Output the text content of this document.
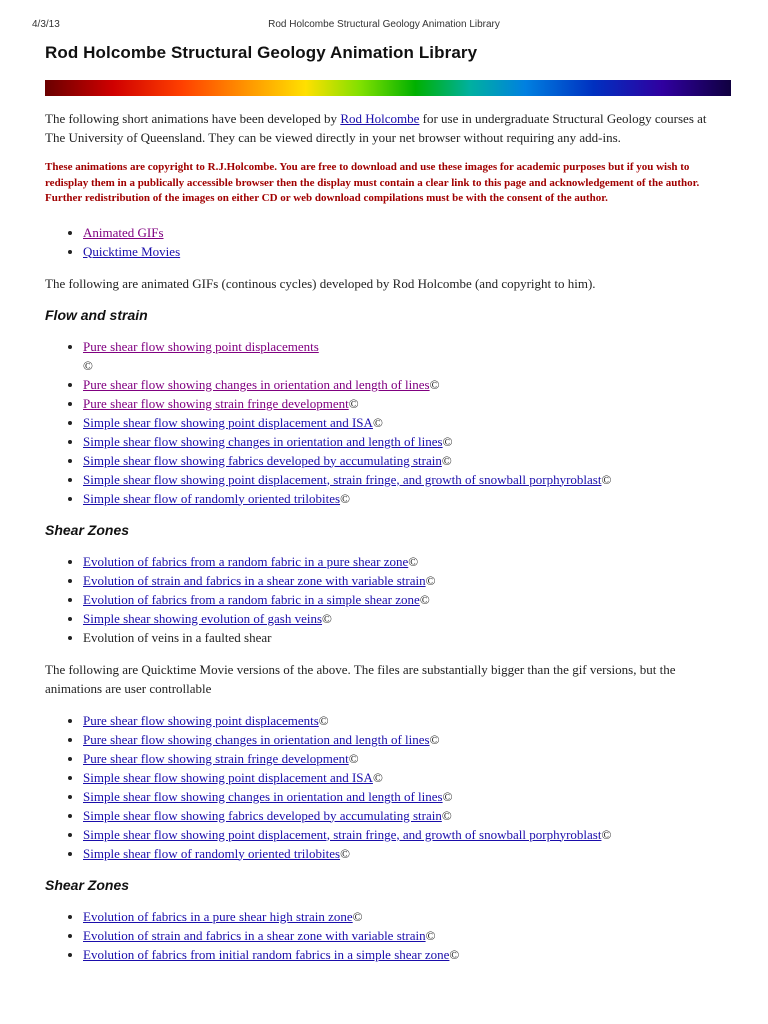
4/3/13	Rod Holcombe Structural Geology Animation Library
Rod Holcombe Structural Geology Animation Library

The following short animations have been developed by Rod Holcombe for use in undergraduate Structural Geology courses at The University of Queensland. They can be viewed directly in your net browser without requiring any add-ins.

These animations are copyright to R.J.Holcombe. You are free to download and use these images for academic purposes but if you wish to redisplay them in a publically accessible browser then the display must contain a clear link to this page and acknowledgement of the author. Further redistribution of the images on either CD or web download compilations must be with the consent of the author.

• Animated GIFs
• Quicktime Movies

The following are animated GIFs (continous cycles) developed by Rod Holcombe (and copyright to him).

Flow and strain
• Pure shear flow showing point displacements
©
• Pure shear flow showing changes in orientation and length of lines©
• Pure shear flow showing strain fringe development©
• Simple shear flow showing point displacement and ISA©
• Simple shear flow showing changes in orientation and length of lines©
• Simple shear flow showing fabrics developed by accumulating strain©
• Simple shear flow showing point displacement, strain fringe, and growth of snowball porphyroblast©
• Simple shear flow of randomly oriented trilobites©
Shear Zones
• Evolution of fabrics from a random fabric in a pure shear zone©
• Evolution of strain and fabrics in a shear zone with variable strain©
• Evolution of fabrics from a random fabric in a simple shear zone©
• Simple shear showing evolution of gash veins©
• Evolution of veins in a faulted shear

The following are Quicktime Movie versions of the above. The files are substantially bigger than the gif versions, but the animations are user controllable

• Pure shear flow showing point displacements©
• Pure shear flow showing changes in orientation and length of lines©
• Pure shear flow showing strain fringe development©
• Simple shear flow showing point displacement and ISA©
• Simple shear flow showing changes in orientation and length of lines©
• Simple shear flow showing fabrics developed by accumulating strain©
• Simple shear flow showing point displacement, strain fringe, and growth of snowball porphyroblast©
• Simple shear flow of randomly oriented trilobites©
Shear Zones
• Evolution of fabrics in a pure shear high strain zone©
• Evolution of strain and fabrics in a shear zone with variable strain©
• Evolution of fabrics from initial random fabrics in a simple shear zone©
